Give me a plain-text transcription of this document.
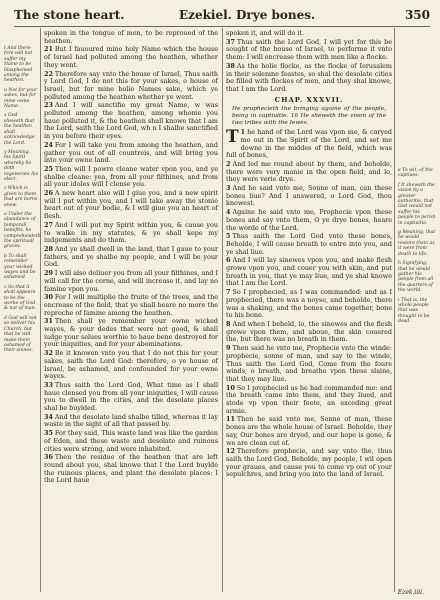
The stone heart.	Ezekiel. Drye bones.	350

t And there-fore will not suffer my Name to be blasphemed among the heathen.

u Not for your sakes, but for mine owne Name.

x God sheweth that the heathen shall acknowledge the Lord.

y Meaning, his Spirit whereby he doth regenerate his elect.

z Which is given to them that are borne anew.

a Under the abundance of temporall benefits, he comprehendeth the spirituall graces.

b To shall remember your wicked wayes and be ashamed.

c So that it shall appeare to be the worke of God & not of man.

d God will not so deliver his Church, but that he will make them ashamed of their sinnes.

spoken in the tongue of men, to be reproued of the heathen.

21 But I fauoured mine holy Name which the house of Israel had polluted among the heathen, whether they went.

22 Therefore say vnto the house of Israel, Thus saith y Lord God, I do not this for your sakes, o house of Israel, but for mine holie Names sake, which ye polluted among the heathen whether ye went.

23 And I will sanctifie my great Name, w was polluted among the heathen, among whome you haue polluted it, & the heathen shall knowe that I am the Lord, saith the Lord God, wh n I shalbe sanctified in you before their eyes.

24 For I will take you from among the heathen, and gather you out of all countreis, and will bring you into your owne land.

25 Then will I powre cleane water vpon you, and ye shalbe cleane: yea, from all your filthines, and from all your idoles will I clense you.

26 A new heart also will I giue you, and a new spirit will I put within you, and I will take away the stonie heart out of your bodie, & I will giue you an heart of flesh.

27 And I will put my Spirit within you, & cause you to walke in my statutes, & ye shall kepe my iudgements and do them.

28 And ye shall dwell in the land, that I gaue to your fathers, and ye shalbe my people, and I will be your God.

29 I will also deliuer you from all your filthines, and I will call for the corne, and will increase it, and lay no famine vpon you.

30 For I will multiplie the fruite of the trees, and the encrease of the field, that ye shall beare no more the reproche of famine among the heathen.

31 Then shall ye remember your owne wicked wayes, & your dedes that were not good, & shall iudge your selues worthie to haue bene destroyed for your iniquities, and for your abominations.

32 Be it knowen vnto you that I do not this for your sakes, saith the Lord God: therefore, o ye house of Israel, be ashamed, and confounded for your owne wayes.

33 Thus saith the Lord God, What time as I shall haue clensed you from all your iniquities, I will cause you to dwell in the cities, and the desolate places shal be buylded.

34 And the desolate land shalbe tilled, whereas it lay waste in the sight of all that passed by.

35 For they said, This waste land was like the garden of Eden, and these waste and desolate and ruinous cities were strong, and were inhabited.

36 Then the residue of the heathen that are left round about you, shal knowe that I the Lord buylde the ruinous places, and plant the desolate places: I the Lord haue

spoken it, and will do it.

37 Thus saith the Lord God, I will yet for this be sought of the house of Israel, to performe it vnto them: I will encrease them with men like a flocke.

38 As the holie flocke, as the flocke of Ierusalem in their solemne feastes, so shal the desolate cities be filled with flockes of men, and they shal knowe, that I am the Lord.

CHAP. XXXVII.
He prophecieth the bringing againe of the people, being in captiuitie. 16 He sheweth the vnion of the two tribes with the Iewes.

T 1 he hand of the Lord was vpon me, & caryed me out in the Spirit of the Lord, and set me downe in the middes of the field, which was full of bones,

2 And led me round about by them, and beholde, there were very manie in the open field, and lo, they were verie drye.

3 And he said vnto me, Sonne of man, can these bones liue? And I answered, o Lord God, thou knowest.

4 Againe he said vnto me, Prophecie vpon these bones and say vnto them, O ye drye bones, heare the worde of the Lord.

5 Thus saith the Lord God vnto these bones, Beholde, I will cause breath to entre into you, and ye shal liue.

6 And I will lay sinewes vpon you, and make flesh growe vpon you, and couer you with skin, and put breath in you, that ye may liue, and ye shal knowe that I am the Lord.

7 So I prophecied, as I was commanded: and as I prophecied, there was a noyse, and beholde, there was a shaking, and the bones came together, bone to his bone.

8 And when I beheld, lo, the sinewes and the flesh grewe vpon them, and aboue, the skin couered the, but there was no breath in them.

9 Then said he vnto me, Prophecie vnto the winde: prophecie, sonne of man, and say to the winde, Thus saith the Lord God, Come from the foure winds, o breath, and breathe vpon these slaine, that they may liue.

10 So I prophecied as he had commanded me: and the breath came into them, and they liued, and stode vp vpon their feete, an exceding great armie.

11 Then he said vnto me, Sonne of man, these bones are the whole house of Israel. Beholde, they say, Our bones are dryed, and our hope is gone, & we are clean cut of.

12 Therefore prophecie, and say vnto the, thus saith the Lord God, Beholde, my people, I wil open your graues, and cause you to come vp out of your sepulchres, and bring you into the land of Israel.

e To wit, of the captiues.

f It sheweth the vision by a greater authoritie, that God would not suffer his people to perish in captiuitie.

g Meaning, that he would restore them as it were from death to life.

h Signifying, that he would gather his people from all the quarters of the world.

i That is, the whole people that was thought to be dead.

Ezek.iiii.
